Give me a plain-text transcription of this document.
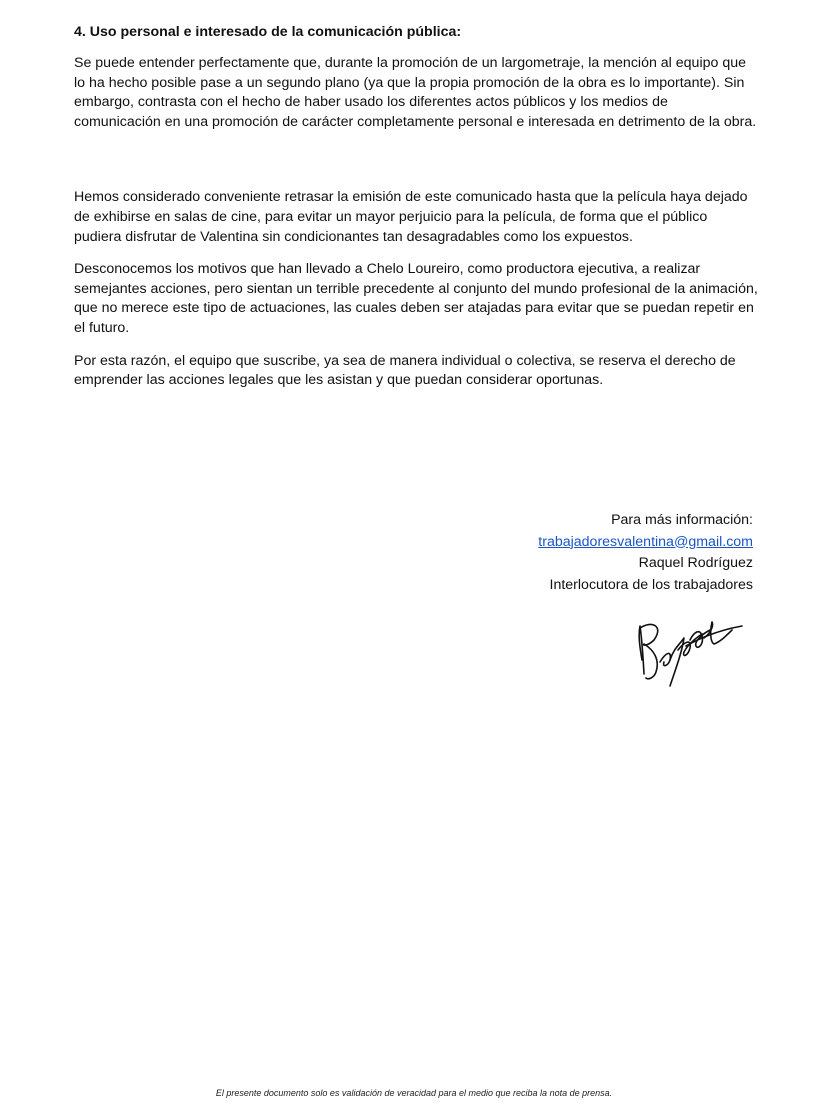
4. Uso personal e interesado de la comunicación pública:

Se puede entender perfectamente que, durante la promoción de un largometraje, la mención al equipo que lo ha hecho posible pase a un segundo plano (ya que la propia promoción de la obra es lo importante). Sin embargo, contrasta con el hecho de haber usado los diferentes actos públicos y los medios de comunicación en una promoción de carácter completamente personal e interesada en detrimento de la obra.

Hemos considerado conveniente retrasar la emisión de este comunicado hasta que la película haya dejado de exhibirse en salas de cine, para evitar un mayor perjuicio para la película, de forma que el público pudiera disfrutar de Valentina sin condicionantes tan desagradables como los expuestos.

Desconocemos los motivos que han llevado a Chelo Loureiro, como productora ejecutiva, a realizar semejantes acciones, pero sientan un terrible precedente al conjunto del mundo profesional de la animación, que no merece este tipo de actuaciones, las cuales deben ser atajadas para evitar que se puedan repetir en el futuro.

Por esta razón, el equipo que suscribe, ya sea de manera individual o colectiva, se reserva el derecho de emprender las acciones legales que les asistan y que puedan considerar oportunas.

Para más información:
trabajadoresvalentina@gmail.com
Raquel Rodríguez
Interlocutora de los trabajadores
El presente documento solo es validación de veracidad para el medio que reciba la nota de prensa.
